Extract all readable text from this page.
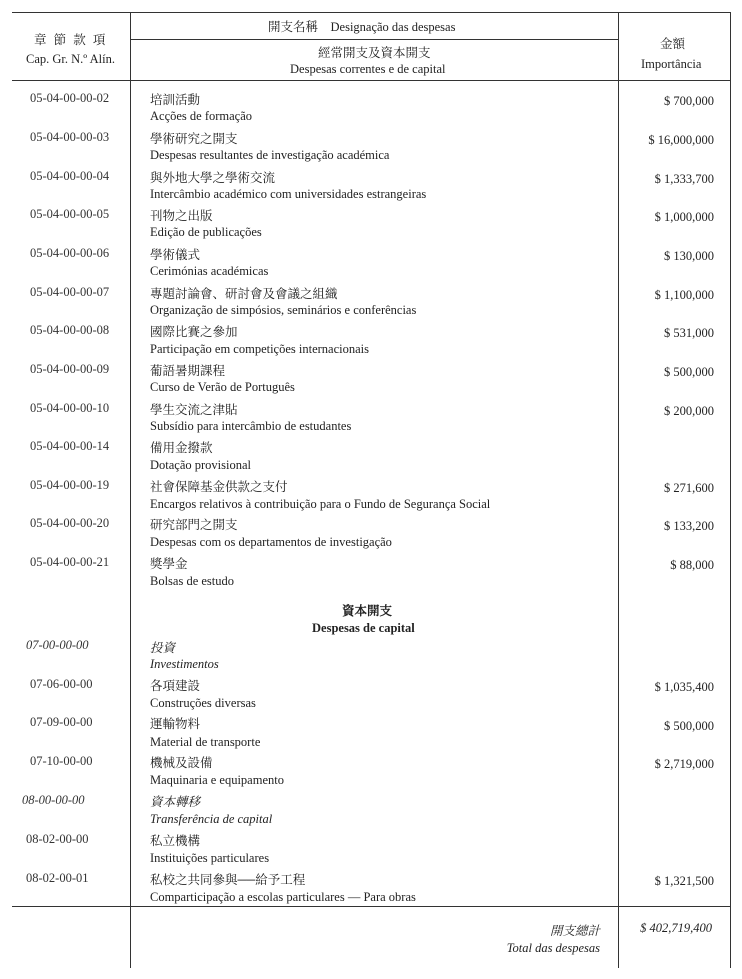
章 節 款 項
Cap. Gr. N.º Alín.
開支名稱　Designação das despesas
經常開支及資本開支
Despesas correntes e de capital
金額
Importância
05-04-00-00-02	培訓活動
Acções de formação
$ 700,000
05-04-00-00-03	學術研究之開支
Despesas resultantes de investigação académica
$ 16,000,000
05-04-00-00-04	與外地大學之學術交流
Intercâmbio académico com universidades estrangeiras
$ 1,333,700
05-04-00-00-05	刊物之出版
Edição de publicações
$ 1,000,000
05-04-00-00-06	學術儀式
Cerimónias académicas
$ 130,000
05-04-00-00-07	專題討論會、研討會及會議之組織
Organização de simpósios, seminários e conferências
$ 1,100,000
05-04-00-00-08	國際比賽之參加
Participação em competições internacionais
$ 531,000
05-04-00-00-09	葡語暑期課程
Curso de Verão de Português
$ 500,000
05-04-00-00-10	學生交流之津貼
Subsídio para intercâmbio de estudantes
$ 200,000
05-04-00-00-14	備用金撥款
Dotação provisional
05-04-00-00-19	社會保障基金供款之支付
Encargos relativos à contribuição para o Fundo de Segurança Social
$ 271,600
05-04-00-00-20	研究部門之開支
Despesas com os departamentos de investigação
$ 133,200
05-04-00-00-21	獎學金
Bolsas de estudo
$ 88,000
資本開支
Despesas de capital
07-00-00-00	投資
Investimentos
07-06-00-00	各項建設
Construções diversas
$ 1,035,400
07-09-00-00	運輸物料
Material de transporte
$ 500,000
07-10-00-00	機械及設備
Maquinaria e equipamento
$ 2,719,000
08-00-00-00	資本轉移
Transferência de capital
08-02-00-00	私立機構
Instituições particulares
08-02-00-01	私校之共同參與──給予工程
Comparticipação a escolas particulares — Para obras
$ 1,321,500
開支總計
Total das despesas
$ 402,719,400
